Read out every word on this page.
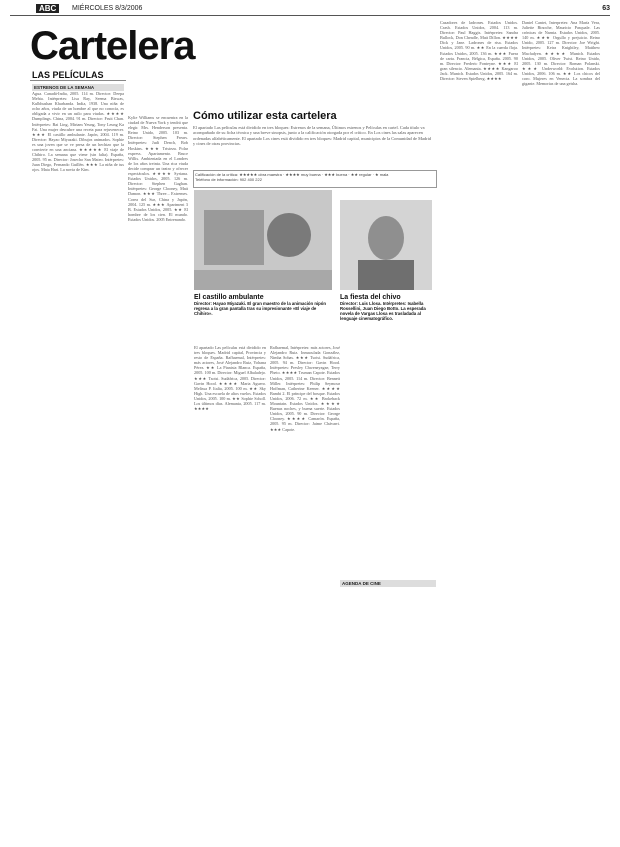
ABC	MIÉRCOLES 8/3/2006	63
Cartelera
LAS PELÍCULAS
ESTRENOS DE LA SEMANA
Agua. Canadá-India, 2005. 114 m. Director: Deepa Mehta. Intérpretes: Lisa Ray, Seema Biswas, Kulbhushan Kharbanda. India, 1938. Una niña de ocho años, viuda de un hombre al que no conocía, es obligada a vivir en un asilo para viudas. ★★★★ Dumplings. China, 2004. 91 m. Director: Fruit Chan. Intérpretes: Bai Ling, Miriam Yeung, Tony Leung Ka Fai. Una mujer descubre una receta para rejuvenecer. ★★★ El castillo ambulante. Japón, 2004. 119 m. Director: Hayao Miyazaki. Dibujos animados. Sophie es una joven que se ve presa de un hechizo que la convierte en una anciana. ★★★★★ El viaje de Chihiro. La semana que viene (sin falta). España, 2005. 95 m. Director: Josecho San Mateo. Intérpretes: Juan Diego, Fernando Guillén. ★★★ La niña de tus ojos. Mata Hari. La novia de Kim.
Kylie Williams se encuentra en la ciudad de Nueva York y tendrá que elegir. Mrs. Henderson presenta. Reino Unido, 2005. 103 m. Director: Stephen Frears. Intérpretes: Judi Dench, Bob Hoskins. ★★★ Tristeza. Polar express. Apartamento. Bruce Willis. Ambientada en el Londres de los años treinta. Una rica viuda decide comprar un teatro y ofrecer espectáculos. ★★★★ Syriana. Estados Unidos, 2005. 126 m. Director: Stephen Gaghan. Intérpretes: George Clooney, Matt Damon. ★★★ Three... Extremes. Corea del Sur, China y Japón, 2004. 125 m. ★★★ Apartment 3 B. Estados Unidos, 2005. ★★ El hombre de los cien. El mundo. Estados Unidos. 2005 Entrenando.
Cómo utilizar esta cartelera
El apartado Las películas está dividido en tres bloques: Estrenos de la semana, Últimos estrenos y Películas en cartel. Cada título va acompañado de su ficha técnica y una breve sinopsis, junto a la calificación otorgada por el crítico. En Los cines las salas aparecen ordenadas alfabéticamente. El apartado Los cines está dividido en tres bloques: Madrid capital, municipios de la Comunidad de Madrid y cines de otras provincias.
Calificación de la crítica: ★★★★★ obra maestra · ★★★★ muy buena · ★★★ buena · ★★ regular · ★ mala
Teléfono de información: 902 400 222
El castillo ambulante
Director: Hayao Miyazaki. El gran maestro de la animación nipón regresa a la gran pantalla tras su impresionante «El viaje de Chihiro».
La fiesta del chivo
Director: Luis Llosa. Intérpretes: Isabella Rossellini, Juan Diego Botto. La esperada novela de Vargas Llosa es trasladada al lenguaje cinematográfico.
El apartado Las películas está dividido en tres bloques. Madrid capital, Provincia y resto de España. Rafhaemal, Intérpretes: más actores, José Alejandro Ruiz, Yohana Pérez. ★★ La Pianista Blanca. España, 2005. 100 m. Director: Miguel Albaladejo. ★★★ Tsotsi. Sudáfrica, 2005. Director: Gavin Hood. ★★★★ Maria Aguero. Melissa P. Italia, 2005. 100 m. ★★ Sky High. Una escuela de altos vuelos. Estados Unidos, 2005. 100 m. ★★ Sophie Scholl. Los últimos días. Alemania, 2005. 117 m. ★★★★
Rafhaemal, Intérpretes: más actores, José Alejandro Ruiz. Inmaculada González, Nimba Sobas. ★★★ Tsotsi. Sudáfrica, 2005. 94 m. Director: Gavin Hood. Intérpretes: Presley Chweneyagae, Terry Pheto. ★★★★ Truman Capote. Estados Unidos, 2005. 114 m. Director: Bennett Miller. Intérpretes: Philip Seymour Hoffman, Catherine Keener. ★★★★ Bambi 2. El príncipe del bosque. Estados Unidos, 2006. 72 m. ★★ Brokeback Mountain. Estados Unidos. ★★★★ Buenas noches, y buena suerte. Estados Unidos, 2005. 90 m. Director: George Clooney. ★★★★ Camarón. España, 2005. 95 m. Director: Jaime Chávarri. ★★★ Capote.
Cazadores de ladrones. Estados Unidos. Crash. Estados Unidos, 2004. 113 m. Director: Paul Haggis. Intérpretes: Sandra Bullock, Don Cheadle, Matt Dillon. ★★★★ Dick y Jane. Ladrones de risa. Estados Unidos, 2005. 90 m. ★★ En la cuerda floja. Estados Unidos, 2005. 136 m. ★★★ Fuera de carta. Francia, Bélgica, España. 2005. 90 m. Director: Frederic Fonteyne. ★★★ El gran silencio. Alemania. ★★★★ Kangaroo Jack. Munich. Estados Unidos, 2005. 164 m. Director: Steven Spielberg. ★★★★
Daniel Cantet, Interpretes: Ana María Vera, Juliette Binoche, Mauricio Pasquale. Las crónicas de Narnia. Estados Unidos, 2005. 140 m. ★★★ Orgullo y prejuicio. Reino Unido, 2005. 127 m. Director: Joe Wright. Intérpretes: Keira Knightley, Matthew Macfadyen. ★★★★ Munich. Estados Unidos, 2005. Oliver Twist. Reino Unido, 2005. 130 m. Director: Roman Polanski. ★★★ Underworld: Evolution. Estados Unidos, 2006. 106 m. ★★ Los chicos del coro. Mujeres en Venecia. La sombra del gigante. Memorias de una geisha.
AGENDA DE CINE
